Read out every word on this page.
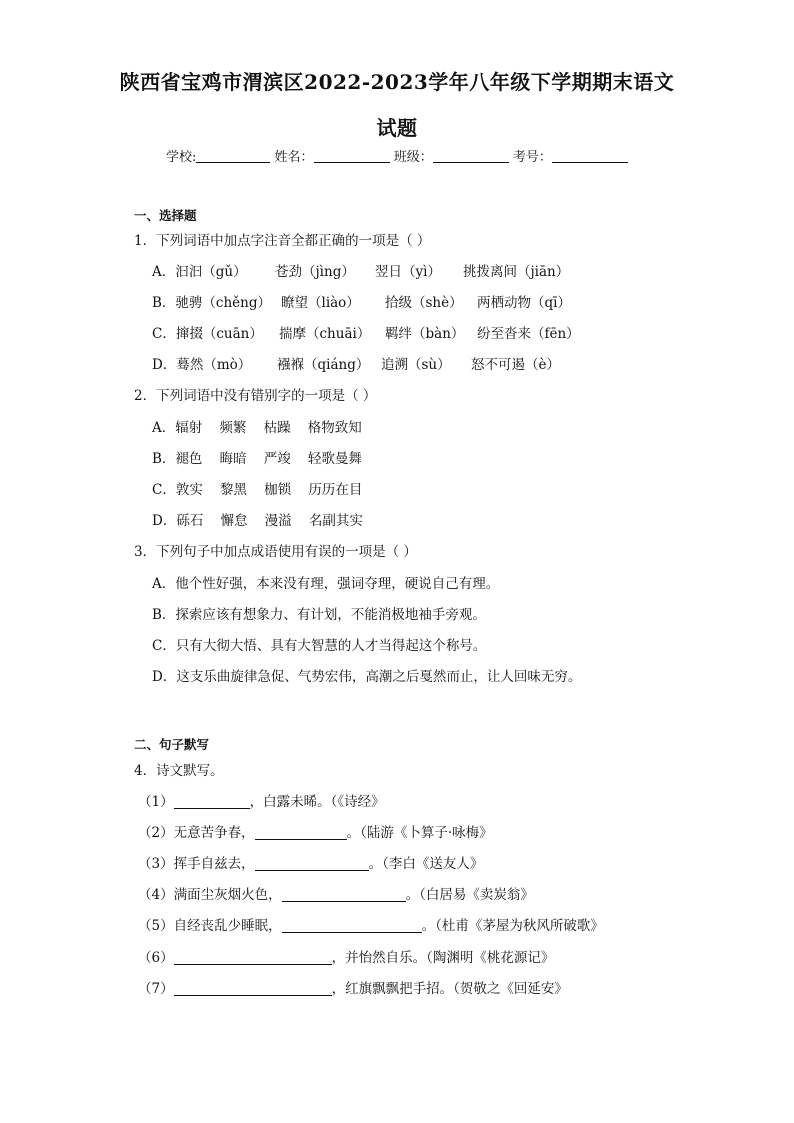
陕西省宝鸡市渭滨区2022-2023学年八年级下学期期末语文
试题
学校:	姓名：	班级：	考号：
一、选择题
1．下列词语中加点字注音全都正确的一项是（ ）
A．汩汩（gǔ） 苍劲（jìng） 翌日（yì） 挑拨离间（jiān）
B．驰骋（chěng） 瞭望（liào） 拾级（shè） 两栖动物（qī）
C．撺掇（cuān） 揣摩（chuāi） 羁绊（bàn） 纷至沓来（fēn）
D．蓦然（mò） 襁褓（qiáng） 追溯（sù） 怒不可遏（è）
2．下列词语中没有错别字的一项是（ ）
A．辐射    频繁    枯躁    格物致知
B．褪色    晦暗    严竣    轻歌曼舞
C．敦实    黎黑    枷锁    历历在目
D．砾石    懈怠    漫溢    名副其实
3．下列句子中加点成语使用有误的一项是（ ）
A．他个性好强，本来没有理，强词夺理，硬说自己有理。
B．探索应该有想象力、有计划，不能消极地袖手旁观。
C．只有大彻大悟、具有大智慧的人才当得起这个称号。
D．这支乐曲旋律急促、气势宏伟，高潮之后戛然而止，让人回味无穷。
二、句子默写
4．诗文默写。
（1）	，白露未晞。（《诗经》
（2）无意苦争春，	。（陆游《卜算子·咏梅》
（3）挥手自兹去，	。（李白《送友人》
（4）满面尘灰烟火色，	。（白居易《卖炭翁》
（5）自经丧乱少睡眠，	。（杜甫《茅屋为秋风所破歌》
（6）	，并怡然自乐。（陶渊明《桃花源记》
（7）	，红旗飘飘把手招。（贺敬之《回延安》
